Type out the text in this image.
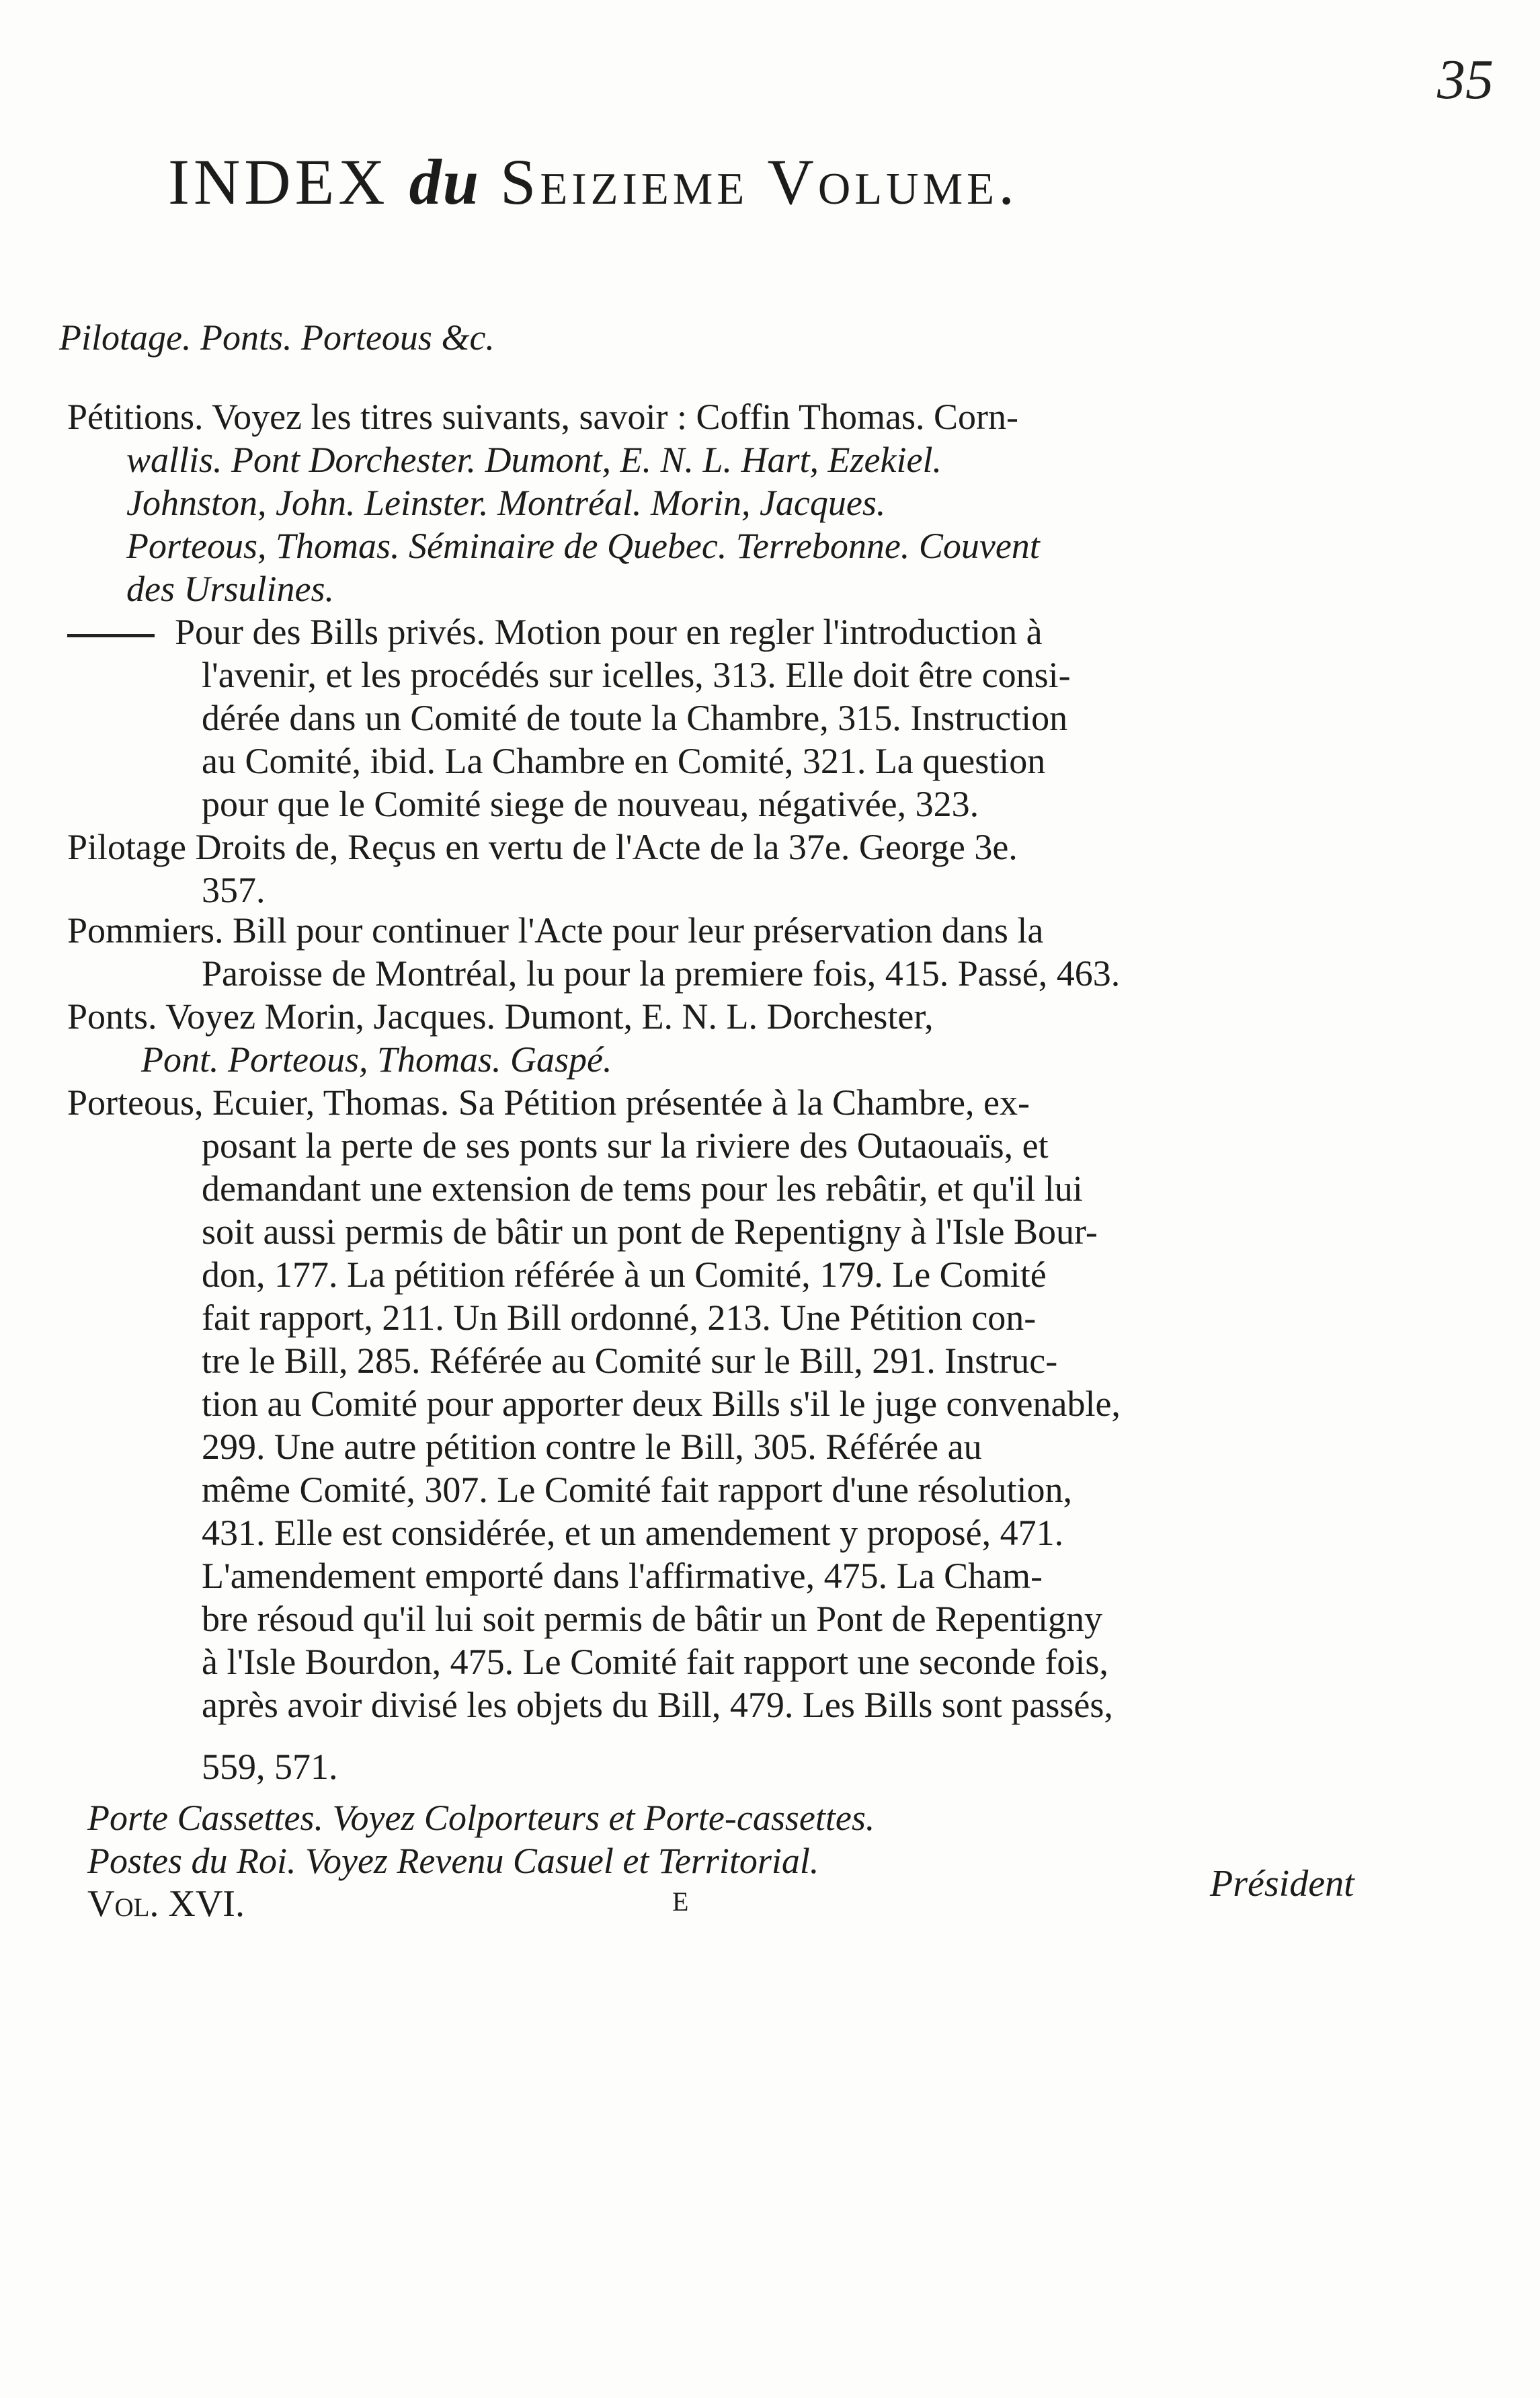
35
INDEX du Seizieme Volume.
Pilotage. Ponts. Porteous &c.
Pétitions. Voyez les titres suivants, savoir : Coffin Thomas. Corn-
wallis. Pont Dorchester. Dumont, E. N. L. Hart, Ezekiel.
Johnston, John. Leinster. Montréal. Morin, Jacques.
Porteous, Thomas. Séminaire de Quebec. Terrebonne. Couvent
des Ursulines.
Pour des Bills privés. Motion pour en regler l'introduction à
l'avenir, et les procédés sur icelles, 313. Elle doit être consi-
dérée dans un Comité de toute la Chambre, 315. Instruction
au Comité, ibid. La Chambre en Comité, 321. La question
pour que le Comité siege de nouveau, négativée, 323.
Pilotage Droits de, Reçus en vertu de l'Acte de la 37e. George 3e.
357.
Pommiers. Bill pour continuer l'Acte pour leur préservation dans la
Paroisse de Montréal, lu pour la premiere fois, 415. Passé, 463.
Ponts. Voyez Morin, Jacques. Dumont, E. N. L. Dorchester,
Pont. Porteous, Thomas. Gaspé.
Porteous, Ecuier, Thomas. Sa Pétition présentée à la Chambre, ex-
posant la perte de ses ponts sur la riviere des Outaouaïs, et
demandant une extension de tems pour les rebâtir, et qu'il lui
soit aussi permis de bâtir un pont de Repentigny à l'Isle Bour-
don, 177. La pétition référée à un Comité, 179. Le Comité
fait rapport, 211. Un Bill ordonné, 213. Une Pétition con-
tre le Bill, 285. Référée au Comité sur le Bill, 291. Instruc-
tion au Comité pour apporter deux Bills s'il le juge convenable,
299. Une autre pétition contre le Bill, 305. Référée au
même Comité, 307. Le Comité fait rapport d'une résolution,
431. Elle est considérée, et un amendement y proposé, 471.
L'amendement emporté dans l'affirmative, 475. La Cham-
bre résoud qu'il lui soit permis de bâtir un Pont de Repentigny
à l'Isle Bourdon, 475. Le Comité fait rapport une seconde fois,
après avoir divisé les objets du Bill, 479. Les Bills sont passés,
559, 571.
Porte Cassettes. Voyez Colporteurs et Porte-cassettes.
Postes du Roi. Voyez Revenu Casuel et Territorial.
Vol. XVI.	E	Président
